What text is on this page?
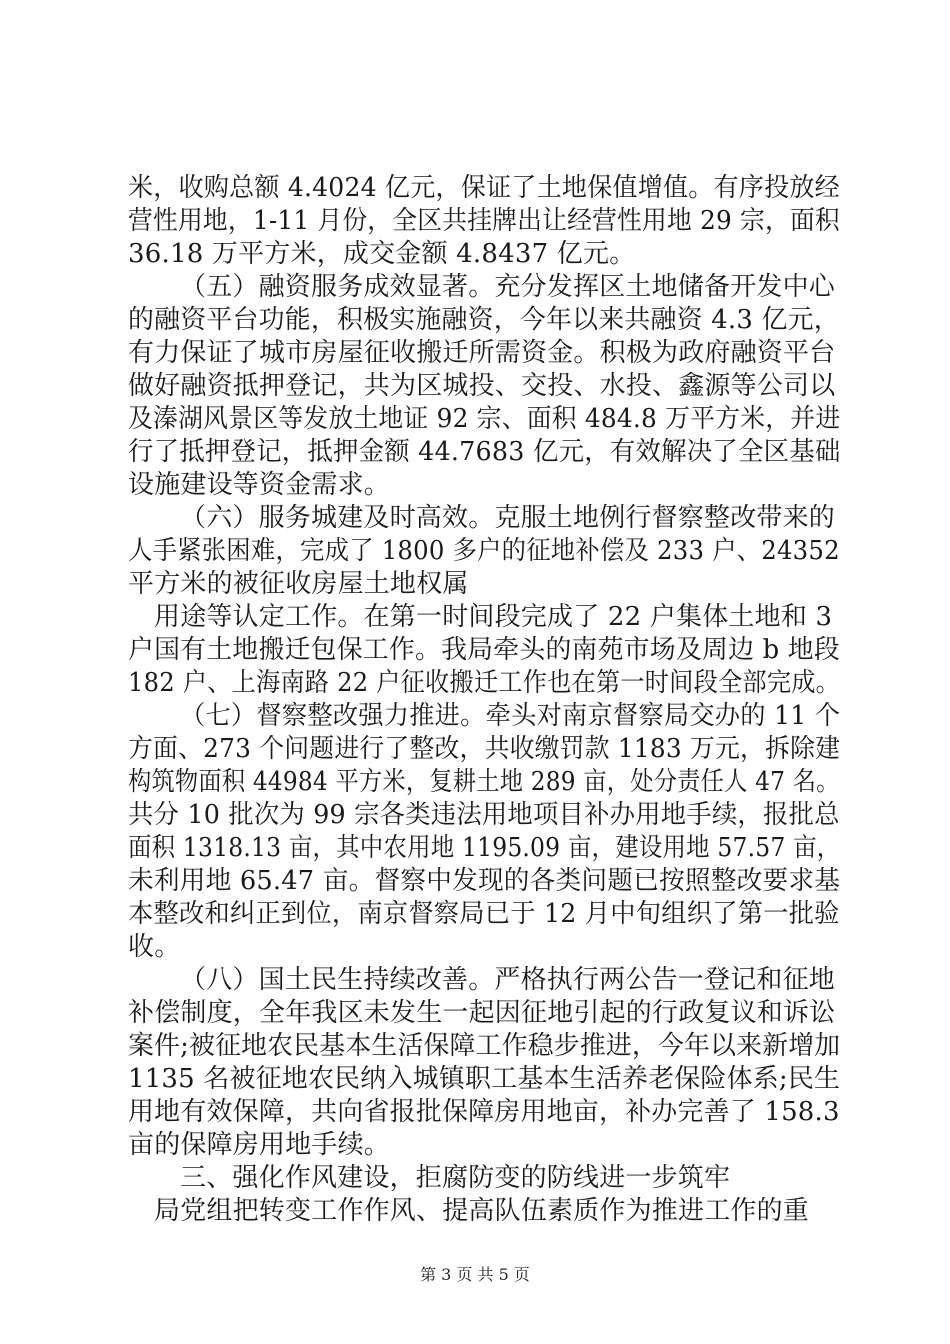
米，收购总额 4.4024 亿元，保证了土地保值增值。有序投放经
营性用地，1-11 月份，全区共挂牌出让经营性用地 29 宗，面积
36.18 万平方米，成交金额 4.8437 亿元。
（五）融资服务成效显著。充分发挥区土地储备开发中心
的融资平台功能，积极实施融资，今年以来共融资 4.3 亿元，
有力保证了城市房屋征收搬迁所需资金。积极为政府融资平台
做好融资抵押登记，共为区城投、交投、水投、鑫源等公司以
及溱湖风景区等发放土地证 92 宗、面积 484.8 万平方米，并进
行了抵押登记，抵押金额 44.7683 亿元，有效解决了全区基础
设施建设等资金需求。
（六）服务城建及时高效。克服土地例行督察整改带来的
人手紧张困难，完成了 1800 多户的征地补偿及 233 户、24352
平方米的被征收房屋土地权属
用途等认定工作。在第一时间段完成了 22 户集体土地和 3
户国有土地搬迁包保工作。我局牵头的南苑市场及周边 b 地段
182 户、上海南路 22 户征收搬迁工作也在第一时间段全部完成。
（七）督察整改强力推进。牵头对南京督察局交办的 11 个
方面、273 个问题进行了整改，共收缴罚款 1183 万元，拆除建
构筑物面积 44984 平方米，复耕土地 289 亩，处分责任人 47 名。
共分 10 批次为 99 宗各类违法用地项目补办用地手续，报批总
面积 1318.13 亩，其中农用地 1195.09 亩，建设用地 57.57 亩，
未利用地 65.47 亩。督察中发现的各类问题已按照整改要求基
本整改和纠正到位，南京督察局已于 12 月中旬组织了第一批验
收。
（八）国土民生持续改善。严格执行两公告一登记和征地
补偿制度，全年我区未发生一起因征地引起的行政复议和诉讼
案件;被征地农民基本生活保障工作稳步推进，今年以来新增加
1135 名被征地农民纳入城镇职工基本生活养老保险体系;民生
用地有效保障，共向省报批保障房用地亩，补办完善了 158.3
亩的保障房用地手续。
三、强化作风建设，拒腐防变的防线进一步筑牢
局党组把转变工作作风、提高队伍素质作为推进工作的重
第 3 页 共 5 页
